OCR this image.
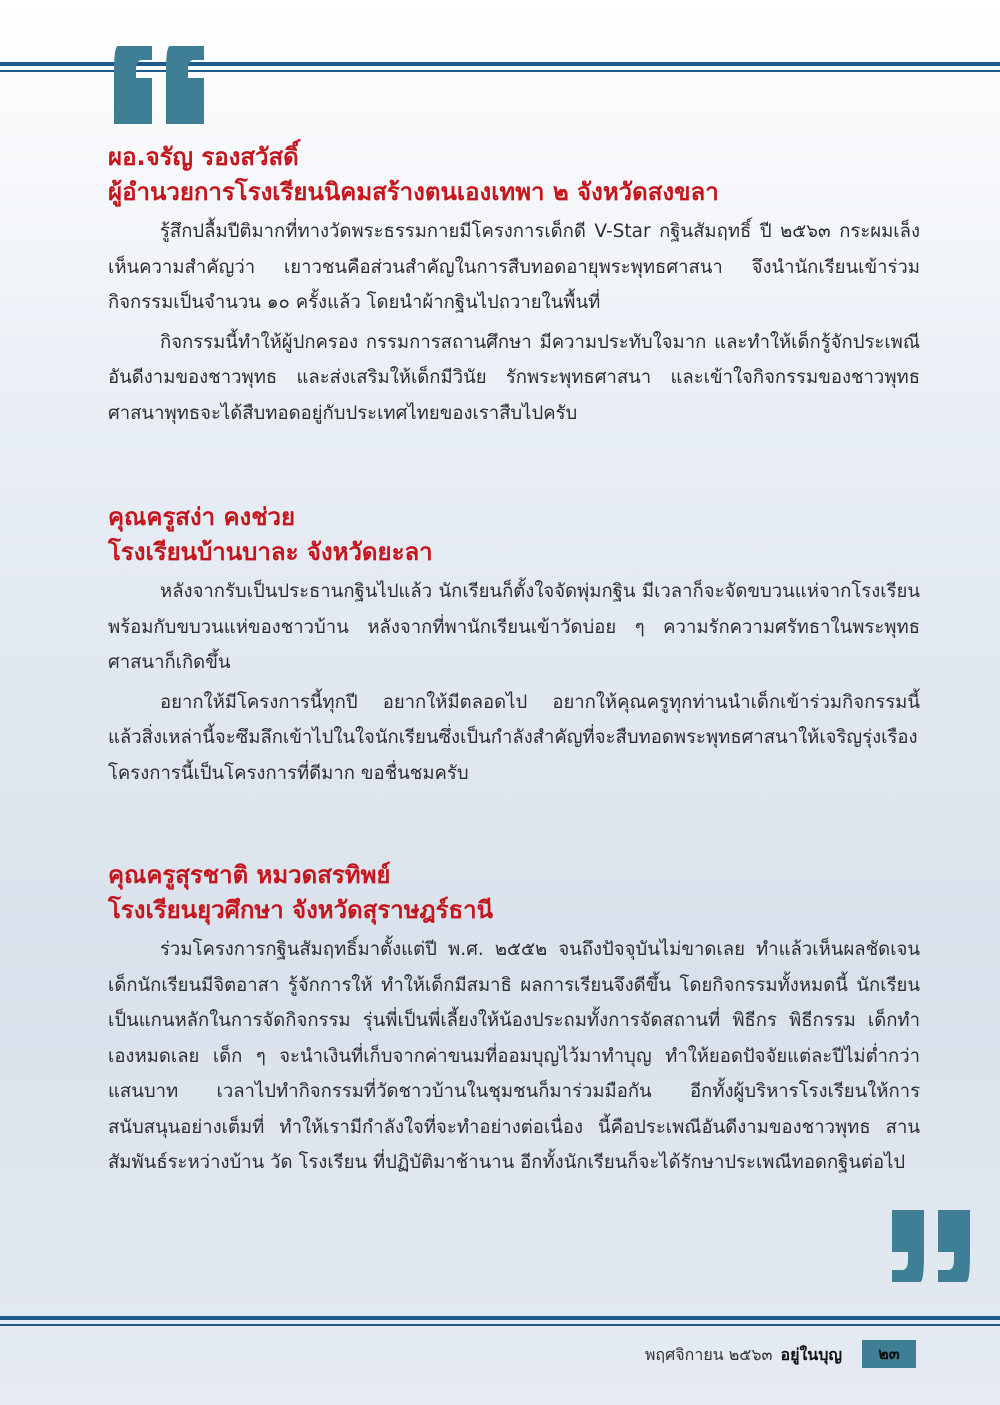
ผอ.จรัญ รองสวัสดิ์
ผู้อำนวยการโรงเรียนนิคมสร้างตนเองเทพา ๒ จังหวัดสงขลา

รู้สึกปลื้มปีติมากที่ทางวัดพระธรรมกายมีโครงการเด็กดี V-Star กฐินสัมฤทธิ์ ปี ๒๕๖๓ กระผมเล็งเห็นความสำคัญว่า เยาวชนคือส่วนสำคัญในการสืบทอดอายุพระพุทธศาสนา จึงนำนักเรียนเข้าร่วมกิจกรรมเป็นจำนวน ๑๐ ครั้งแล้ว โดยนำผ้ากฐินไปถวายในพื้นที่

กิจกรรมนี้ทำให้ผู้ปกครอง กรรมการสถานศึกษา มีความประทับใจมาก และทำให้เด็กรู้จักประเพณีอันดีงามของชาวพุทธ และส่งเสริมให้เด็กมีวินัย รักพระพุทธศาสนา และเข้าใจกิจกรรมของชาวพุทธ ศาสนาพุทธจะได้สืบทอดอยู่กับประเทศไทยของเราสืบไปครับ

คุณครูสง่า คงช่วย
โรงเรียนบ้านบาละ จังหวัดยะลา

หลังจากรับเป็นประธานกฐินไปแล้ว นักเรียนก็ตั้งใจจัดพุ่มกฐิน มีเวลาก็จะจัดขบวนแห่จากโรงเรียนพร้อมกับขบวนแห่ของชาวบ้าน หลังจากที่พานักเรียนเข้าวัดบ่อย ๆ ความรักความศรัทธาในพระพุทธศาสนาก็เกิดขึ้น

อยากให้มีโครงการนี้ทุกปี อยากให้มีตลอดไป อยากให้คุณครูทุกท่านนำเด็กเข้าร่วมกิจกรรมนี้ แล้วสิ่งเหล่านี้จะซึมลึกเข้าไปในใจนักเรียนซึ่งเป็นกำลังสำคัญที่จะสืบทอดพระพุทธศาสนาให้เจริญรุ่งเรือง โครงการนี้เป็นโครงการที่ดีมาก ขอชื่นชมครับ

คุณครูสุรชาติ หมวดสรทิพย์
โรงเรียนยุวศึกษา จังหวัดสุราษฎร์ธานี

ร่วมโครงการกฐินสัมฤทธิ์มาตั้งแต่ปี พ.ศ. ๒๕๕๒ จนถึงปัจจุบันไม่ขาดเลย ทำแล้วเห็นผลชัดเจน เด็กนักเรียนมีจิตอาสา รู้จักการให้ ทำให้เด็กมีสมาธิ ผลการเรียนจึงดีขึ้น โดยกิจกรรมทั้งหมดนี้ นักเรียนเป็นแกนหลักในการจัดกิจกรรม รุ่นพี่เป็นพี่เลี้ยงให้น้องประถมทั้งการจัดสถานที่ พิธีกร พิธีกรรม เด็กทำเองหมดเลย เด็ก ๆ จะนำเงินที่เก็บจากค่าขนมที่ออมบุญไว้มาทำบุญ ทำให้ยอดปัจจัยแต่ละปีไม่ต่ำกว่าแสนบาท เวลาไปทำกิจกรรมที่วัดชาวบ้านในชุมชนก็มาร่วมมือกัน อีกทั้งผู้บริหารโรงเรียนให้การสนับสนุนอย่างเต็มที่ ทำให้เรามีกำลังใจที่จะทำอย่างต่อเนื่อง นี้คือประเพณีอันดีงามของชาวพุทธ สานสัมพันธ์ระหว่างบ้าน วัด โรงเรียน ที่ปฏิบัติมาช้านาน อีกทั้งนักเรียนก็จะได้รักษาประเพณีทอดกฐินต่อไป

พฤศจิกายน ๒๕๖๓ อยู่ในบุญ	๒๓
